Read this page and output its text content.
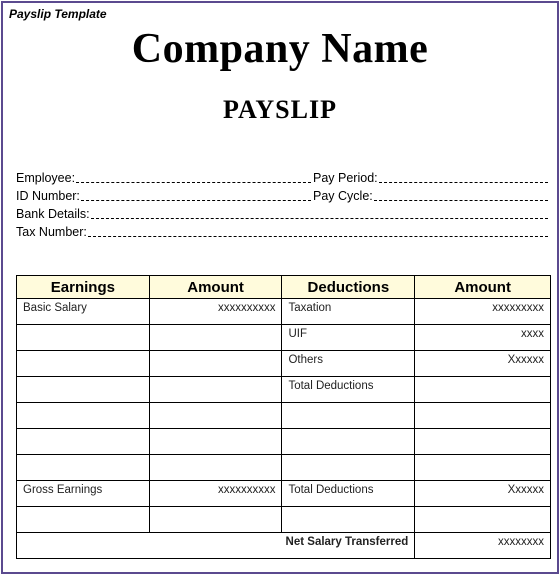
Payslip Template
Company Name
PAYSLIP
Employee:	Pay Period:
ID Number:	Pay Cycle:
Bank Details:
Tax Number:
Earnings	Amount	Deductions	Amount
Basic Salary	xxxxxxxxxx	Taxation	xxxxxxxxx
		UIF	xxxx
		Others	Xxxxxx
		Total Deductions	

Gross Earnings	xxxxxxxxxx	Total Deductions	Xxxxxx

Net Salary Transferred			xxxxxxxx
